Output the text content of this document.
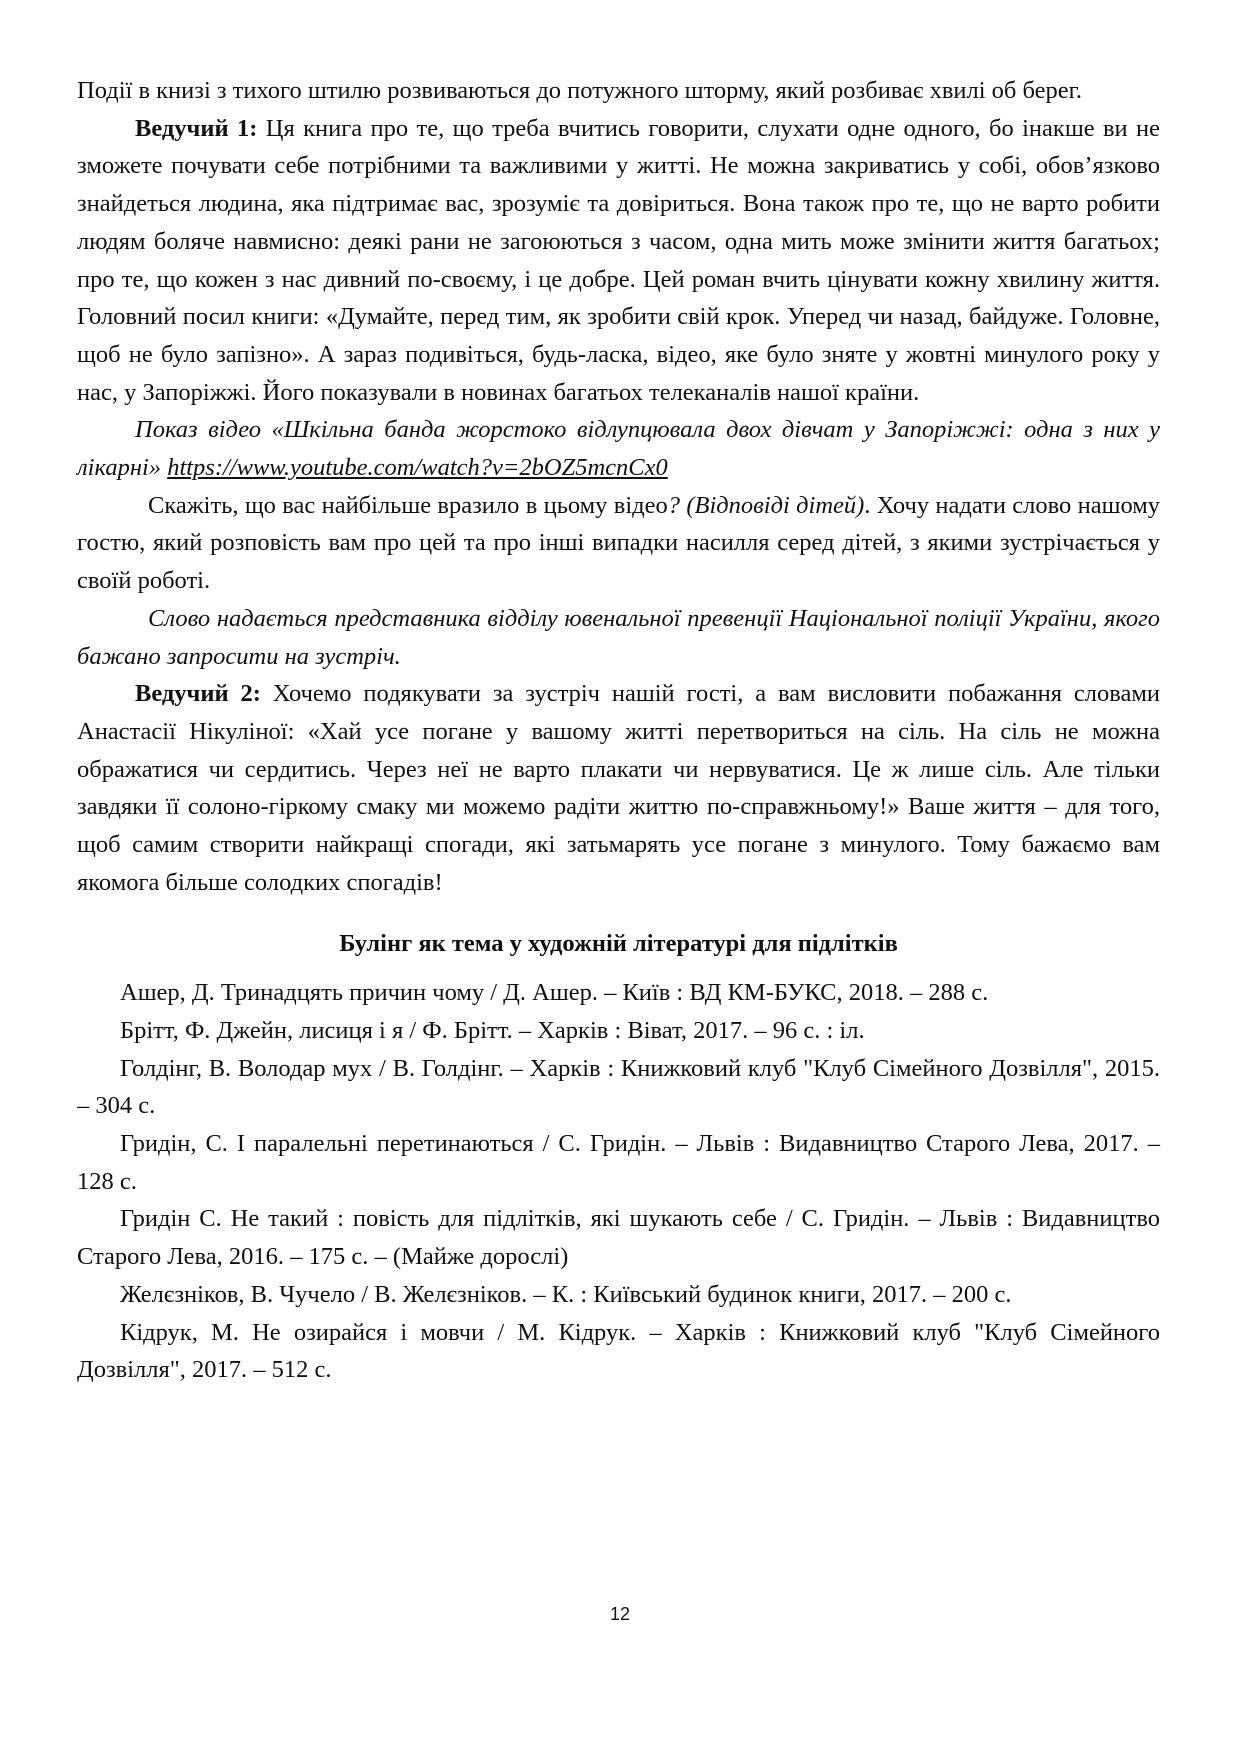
Події в книзі з тихого штилю розвиваються до потужного шторму, який розбиває хвилі об берег.

Ведучий 1: Ця книга про те, що треба вчитись говорити, слухати одне одного, бо інакше ви не зможете почувати себе потрібними та важливими у житті. Не можна закриватись у собі, обов’язково знайдеться людина, яка підтримає вас, зрозуміє та довіриться. Вона також про те, що не варто робити людям боляче навмисно: деякі рани не загоюються з часом, одна мить може змінити життя багатьох; про те, що кожен з нас дивний по-своєму, і це добре. Цей роман вчить цінувати кожну хвилину життя. Головний посил книги: «Думайте, перед тим, як зробити свій крок. Уперед чи назад, байдуже. Головне, щоб не було запізно». А зараз подивіться, будь-ласка, відео, яке було зняте у жовтні минулого року у нас, у Запоріжжі. Його показували в новинах багатьох телеканалів нашої країни.

Показ відео «Шкільна банда жорстоко відлупцювала двох дівчат у Запоріжжі: одна з них у лікарні» https://www.youtube.com/watch?v=2bOZ5mcnCx0

Скажіть, що вас найбільше вразило в цьому відео? (Відповіді дітей). Хочу надати слово нашому гостю, який розповість вам про цей та про інші випадки насилля серед дітей, з якими зустрічається у своїй роботі.

Слово надається представника відділу ювенальної превенції Національної поліції України, якого бажано запросити на зустріч.

Ведучий 2: Хочемо подякувати за зустріч нашій гості, а вам висловити побажання словами Анастасії Нікуліної: «Хай усе погане у вашому житті перетвориться на сіль. На сіль не можна ображатися чи сердитись. Через неї не варто плакати чи нервуватися. Це ж лише сіль. Але тільки завдяки її солоно-гіркому смаку ми можемо радіти життю по-справжньому!» Ваше життя – для того, щоб самим створити найкращі спогади, які затьмарять усе погане з минулого. Тому бажаємо вам якомога більше солодких спогадів!

Булінг як тема у художній літературі для підлітків

Ашер, Д. Тринадцять причин чому / Д. Ашер. – Київ : ВД КМ-БУКС, 2018. – 288 с.

Брітт, Ф. Джейн, лисиця і я / Ф. Брітт. – Харків : Віват, 2017. – 96 с. : іл.

Голдінг, В. Володар мух / В. Голдінг. – Харків : Книжковий клуб "Клуб Сімейного Дозвілля", 2015. – 304 с.

Гридін, С. І паралельні перетинаються / С. Гридін. – Львів : Видавництво Старого Лева, 2017. – 128 с.

Гридін С. Не такий : повість для підлітків, які шукають себе / С. Гридін. – Львів : Видавництво Старого Лева, 2016. – 175 с. – (Майже дорослі)

Желєзніков, В. Чучело / В. Желєзніков. – К. : Київський будинок книги, 2017. – 200 с.

Кідрук, М. Не озирайся і мовчи / М. Кідрук. – Харків : Книжковий клуб "Клуб Сімейного Дозвілля", 2017. – 512 с.

12
